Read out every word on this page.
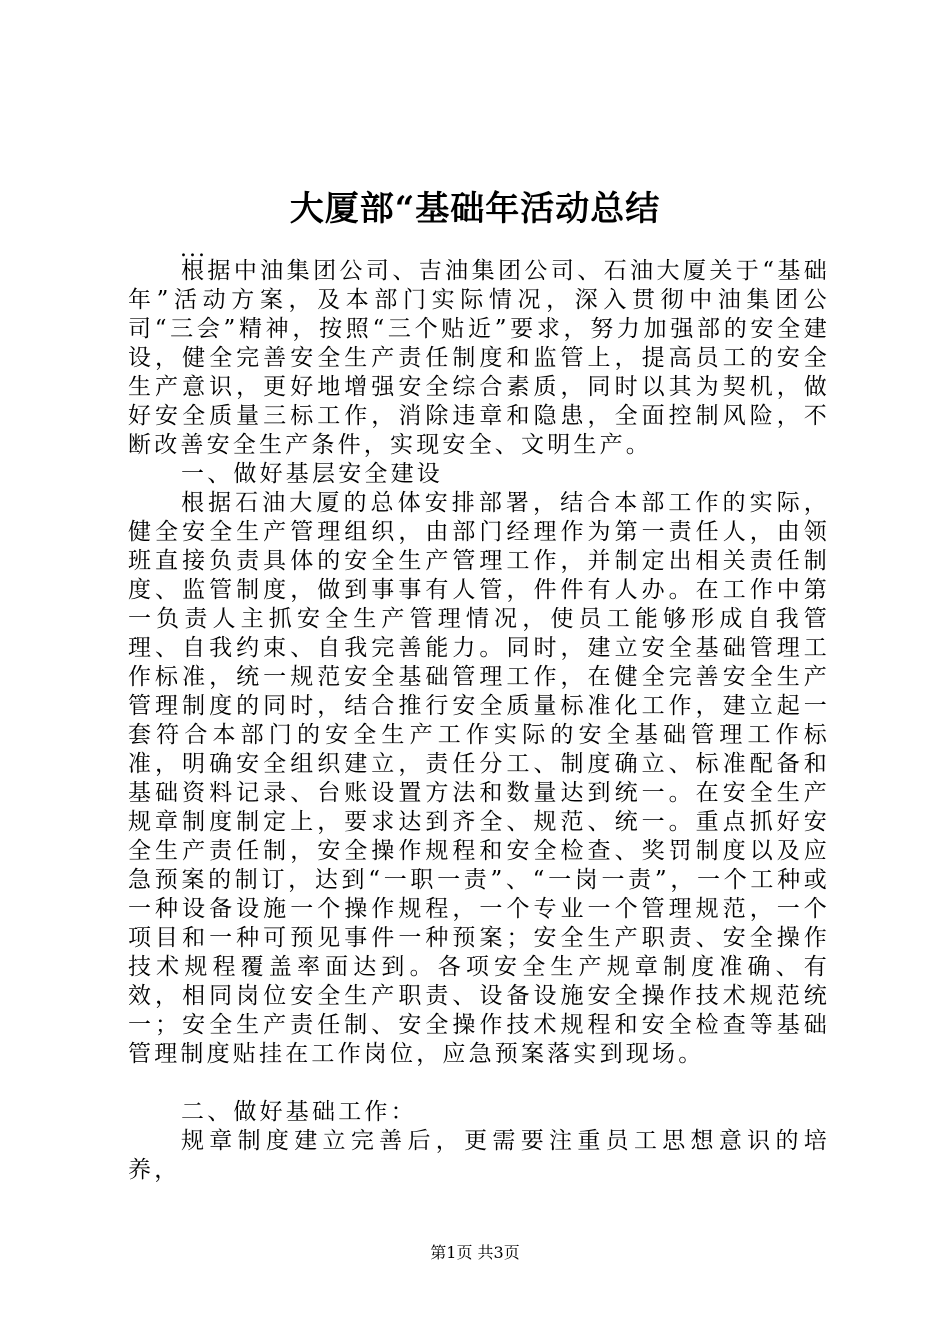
大厦部“基础年活动总结
...

根据中油集团公司、吉油集团公司、石油大厦关于“基础年”活动方案，及本部门实际情况，深入贯彻中油集团公司“三会”精神，按照“三个贴近”要求，努力加强部的安全建设，健全完善安全生产责任制度和监管上，提高员工的安全生产意识，更好地增强安全综合素质，同时以其为契机，做好安全质量三标工作，消除违章和隐患，全面控制风险，不断改善安全生产条件，实现安全、文明生产。

一、做好基层安全建设

根据石油大厦的总体安排部署，结合本部工作的实际，健全安全生产管理组织，由部门经理作为第一责任人，由领班直接负责具体的安全生产管理工作，并制定出相关责任制度、监管制度，做到事事有人管，件件有人办。在工作中第一负责人主抓安全生产管理情况，使员工能够形成自我管理、自我约束、自我完善能力。同时，建立安全基础管理工作标准，统一规范安全基础管理工作，在健全完善安全生产管理制度的同时，结合推行安全质量标准化工作，建立起一套符合本部门的安全生产工作实际的安全基础管理工作标准，明确安全组织建立，责任分工、制度确立、标准配备和基础资料记录、台账设置方法和数量达到统一。在安全生产规章制度制定上，要求达到齐全、规范、统一。重点抓好安全生产责任制，安全操作规程和安全检查、奖罚制度以及应急预案的制订，达到“一职一责”、“一岗一责”，一个工种或一种设备设施一个操作规程，一个专业一个管理规范，一个项目和一种可预见事件一种预案；安全生产职责、安全操作技术规程覆盖率面达到。各项安全生产规章制度准确、有效，相同岗位安全生产职责、设备设施安全操作技术规范统一；安全生产责任制、安全操作技术规程和安全检查等基础管理制度贴挂在工作岗位，应急预案落实到现场。

二、做好基础工作：

规章制度建立完善后，更需要注重员工思想意识的培养，

第1页 共3页
